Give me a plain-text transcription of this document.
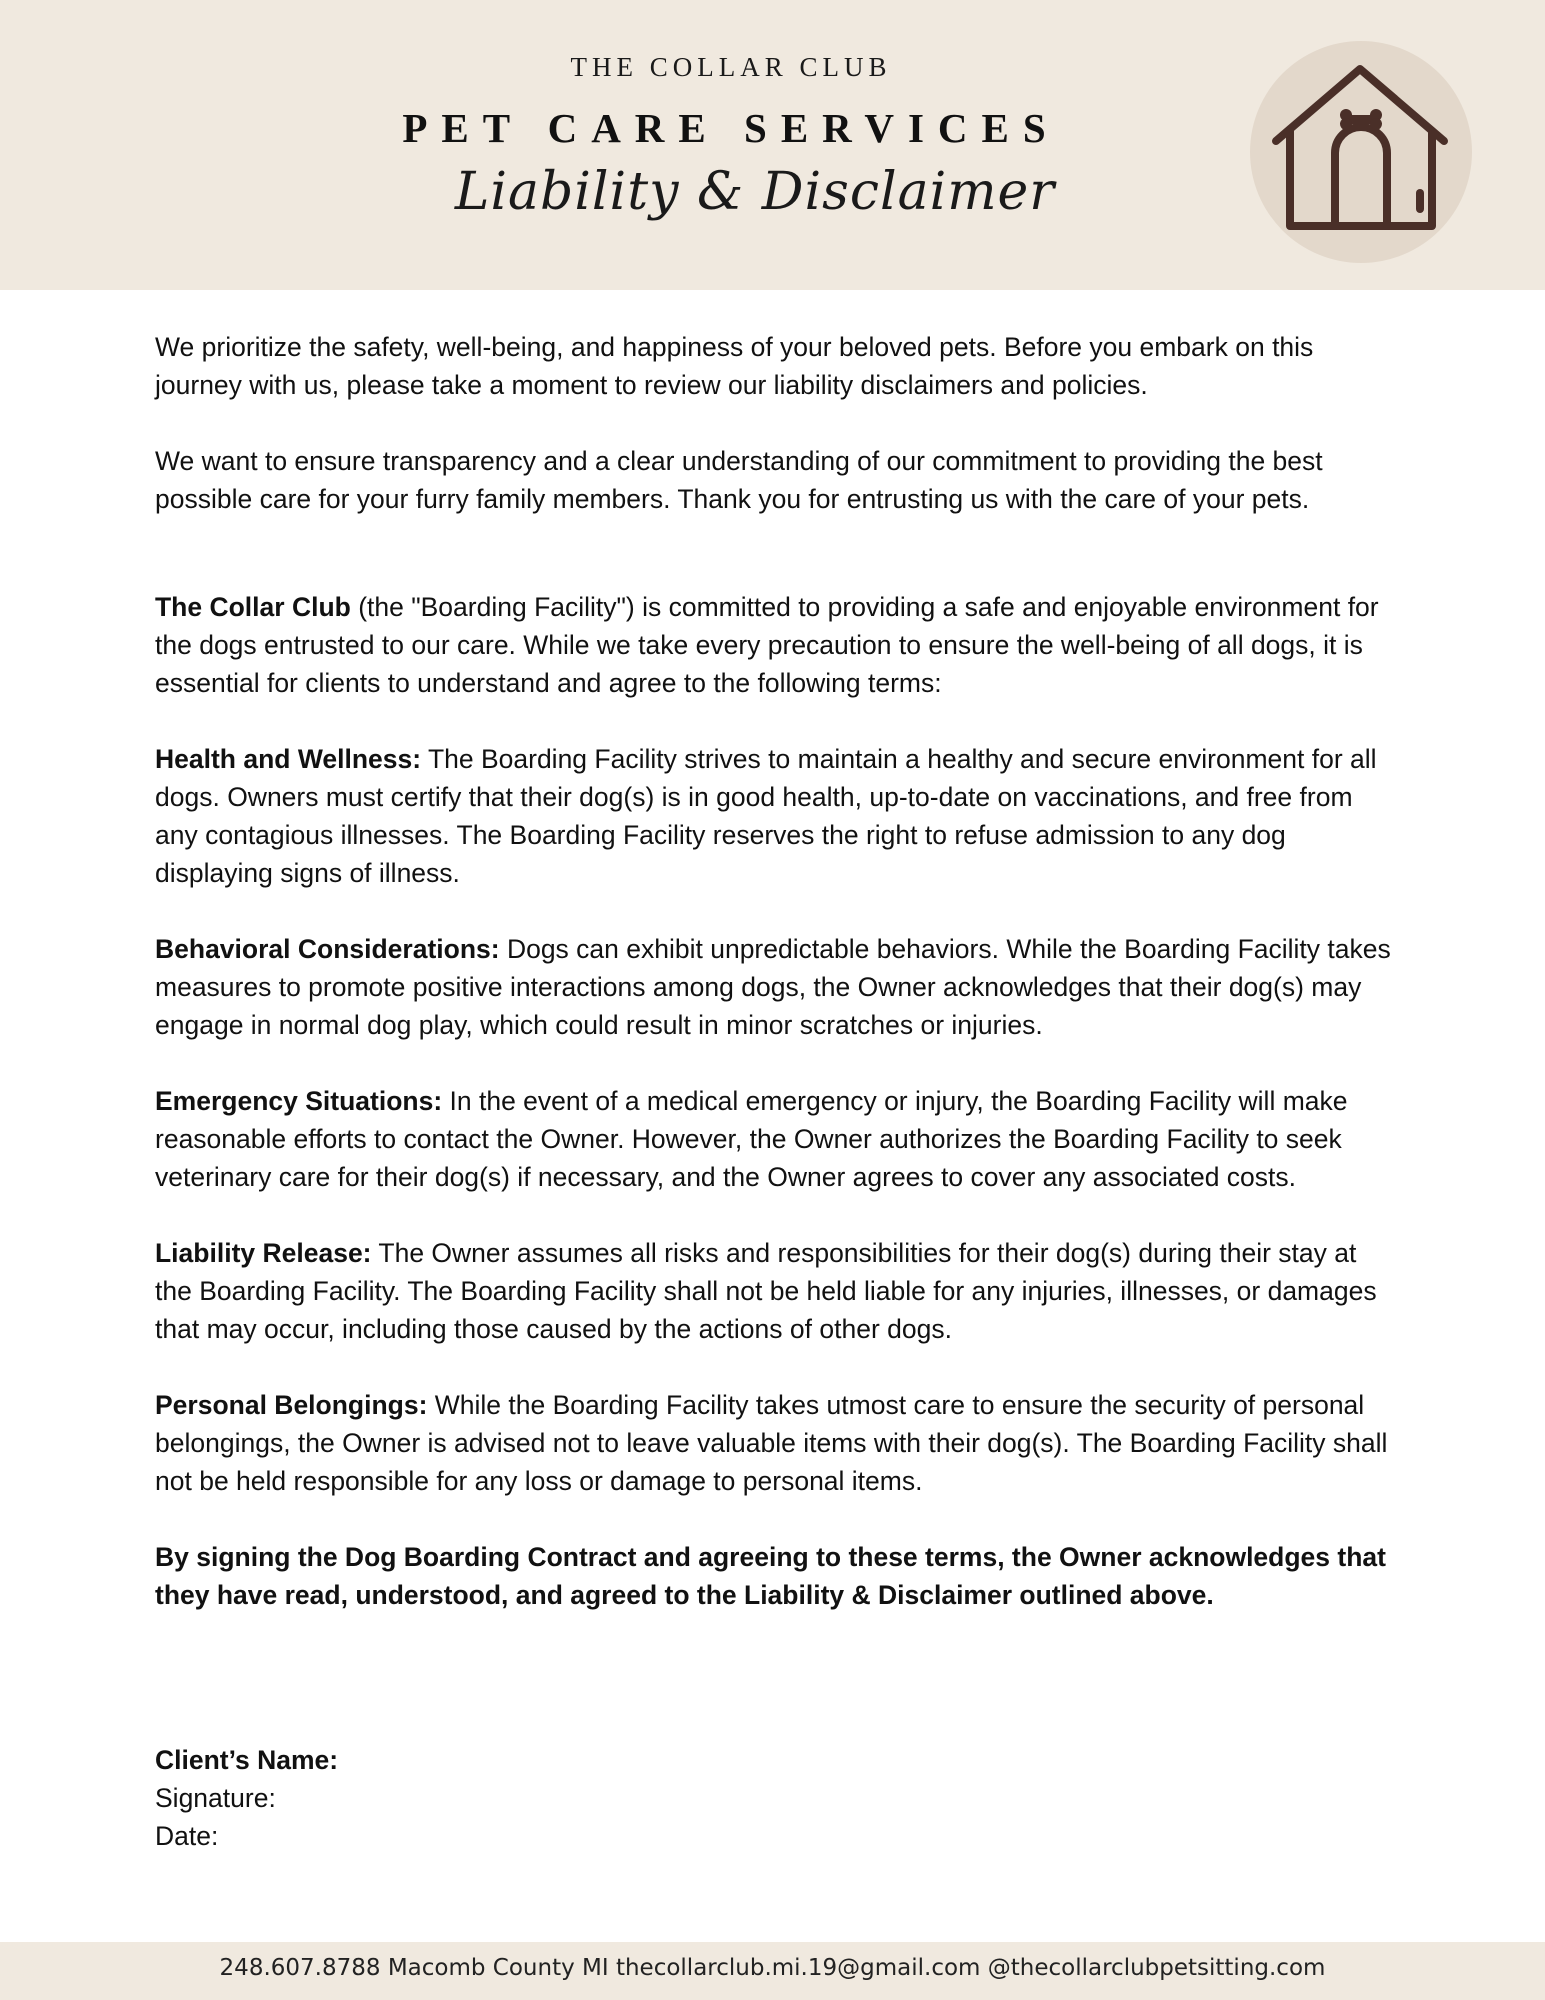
THE COLLAR CLUB
PET CARE SERVICES
Liability & Disclaimer

We prioritize the safety, well-being, and happiness of your beloved pets. Before you embark on this journey with us, please take a moment to review our liability disclaimers and policies.

We want to ensure transparency and a clear understanding of our commitment to providing the best possible care for your furry family members. Thank you for entrusting us with the care of your pets.

The Collar Club (the "Boarding Facility") is committed to providing a safe and enjoyable environment for the dogs entrusted to our care. While we take every precaution to ensure the well-being of all dogs, it is essential for clients to understand and agree to the following terms:

Health and Wellness: The Boarding Facility strives to maintain a healthy and secure environment for all dogs. Owners must certify that their dog(s) is in good health, up-to-date on vaccinations, and free from any contagious illnesses. The Boarding Facility reserves the right to refuse admission to any dog displaying signs of illness.

Behavioral Considerations: Dogs can exhibit unpredictable behaviors. While the Boarding Facility takes measures to promote positive interactions among dogs, the Owner acknowledges that their dog(s) may engage in normal dog play, which could result in minor scratches or injuries.

Emergency Situations: In the event of a medical emergency or injury, the Boarding Facility will make reasonable efforts to contact the Owner. However, the Owner authorizes the Boarding Facility to seek veterinary care for their dog(s) if necessary, and the Owner agrees to cover any associated costs.

Liability Release: The Owner assumes all risks and responsibilities for their dog(s) during their stay at the Boarding Facility. The Boarding Facility shall not be held liable for any injuries, illnesses, or damages that may occur, including those caused by the actions of other dogs.

Personal Belongings: While the Boarding Facility takes utmost care to ensure the security of personal belongings, the Owner is advised not to leave valuable items with their dog(s). The Boarding Facility shall not be held responsible for any loss or damage to personal items.

By signing the Dog Boarding Contract and agreeing to these terms, the Owner acknowledges that they have read, understood, and agreed to the Liability & Disclaimer outlined above.

Client’s Name:
Signature:
Date:
248.607.8788 Macomb County MI thecollarclub.mi.19@gmail.com @thecollarclubpetsitting.com
